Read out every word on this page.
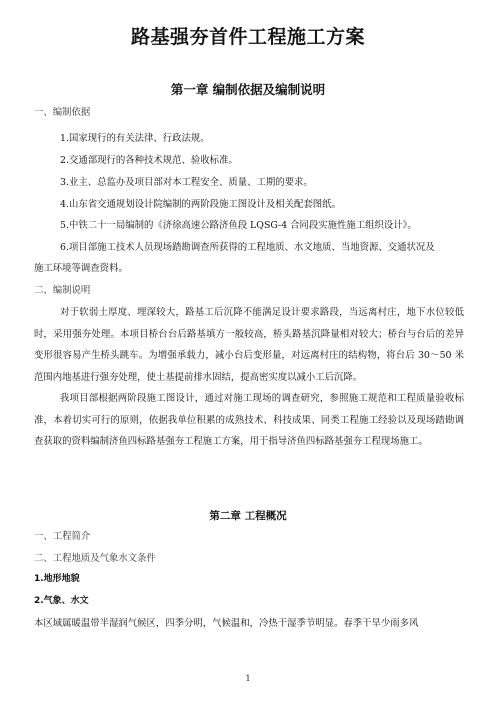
路基强夯首件工程施工方案
第一章 编制依据及编制说明
一、编制依据
1.国家现行的有关法律、行政法规。
2.交通部现行的各种技术规范、验收标准。
3.业主、总监办及项目部对本工程安全、质量、工期的要求。
4.山东省交通规划设计院编制的两阶段施工图设计及相关配套图纸。
5.中铁二十一局编制的《济徐高速公路济鱼段 LQSG-4 合同段实施性施工组织设计》。
6.项目部施工技术人员现场踏勘调查所获得的工程地质、水文地质、当地资源、交通状况及
施工环境等调查资料。
二、编制说明
对于软弱土厚度、埋深较大，路基工后沉降不能满足设计要求路段，当远离村庄，地下水位较低时，采用强夯处理。本项目桥台台后路基填方一般较高，桥头路基沉降量相对较大；桥台与台后的差异变形很容易产生桥头跳车。为增强承载力，减小台后变形量，对远离村庄的结构物，将台后 30～50 米范围内地基进行强夯处理，使土基提前排水固结，提高密实度以减小工后沉降。
我项目部根据两阶段施工图设计，通过对施工现场的调查研究，参照施工规范和工程质量验收标准，本着切实可行的原则，依据我单位积累的成熟技术、科技成果、同类工程施工经验以及现场踏勘调查获取的资料编制济鱼四标路基强夯工程施工方案，用于指导济鱼四标路基强夯工程现场施工。
第二章 工程概况
一、工程简介
二、工程地质及气象水文条件
1.地形地貌
2.气象、水文
本区域属暖温带半湿润气候区，四季分明，气候温和，冷热干湿季节明显。春季干旱少雨多风
1
